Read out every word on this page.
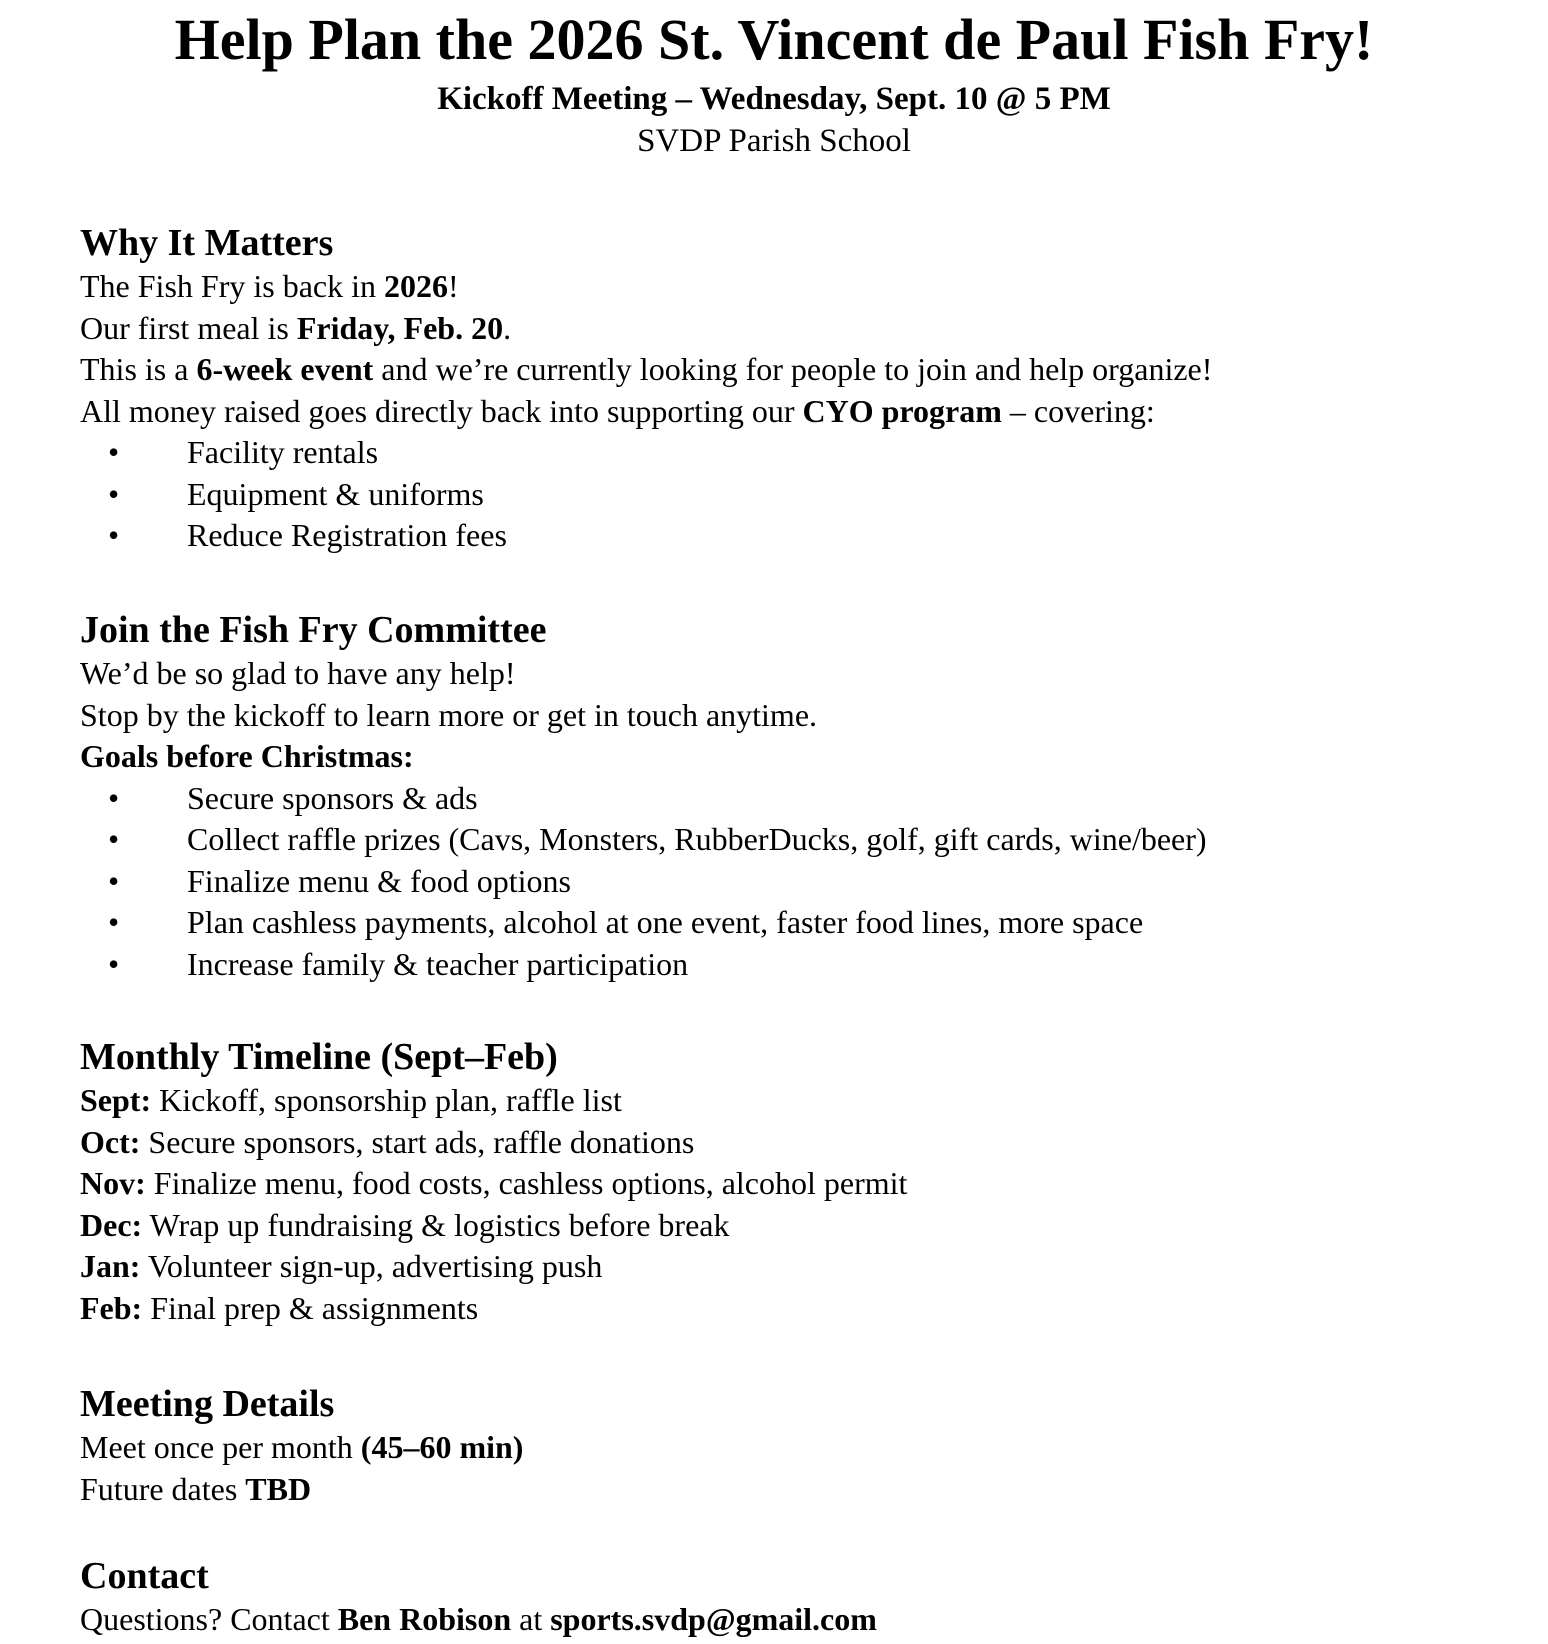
Help Plan the 2026 St. Vincent de Paul Fish Fry!
Kickoff Meeting – Wednesday, Sept. 10 @ 5 PM
SVDP Parish School
Why It Matters
The Fish Fry is back in 2026!
Our first meal is Friday, Feb. 20.
This is a 6-week event and we’re currently looking for people to join and help organize!
All money raised goes directly back into supporting our CYO program – covering:
• Facility rentals
• Equipment & uniforms
• Reduce Registration fees
Join the Fish Fry Committee
We’d be so glad to have any help!
Stop by the kickoff to learn more or get in touch anytime.
Goals before Christmas:
• Secure sponsors & ads
• Collect raffle prizes (Cavs, Monsters, RubberDucks, golf, gift cards, wine/beer)
• Finalize menu & food options
• Plan cashless payments, alcohol at one event, faster food lines, more space
• Increase family & teacher participation
Monthly Timeline (Sept–Feb)
Sept: Kickoff, sponsorship plan, raffle list
Oct: Secure sponsors, start ads, raffle donations
Nov: Finalize menu, food costs, cashless options, alcohol permit
Dec: Wrap up fundraising & logistics before break
Jan: Volunteer sign-up, advertising push
Feb: Final prep & assignments
Meeting Details
Meet once per month (45–60 min)
Future dates TBD
Contact
Questions? Contact Ben Robison at sports.svdp@gmail.com
